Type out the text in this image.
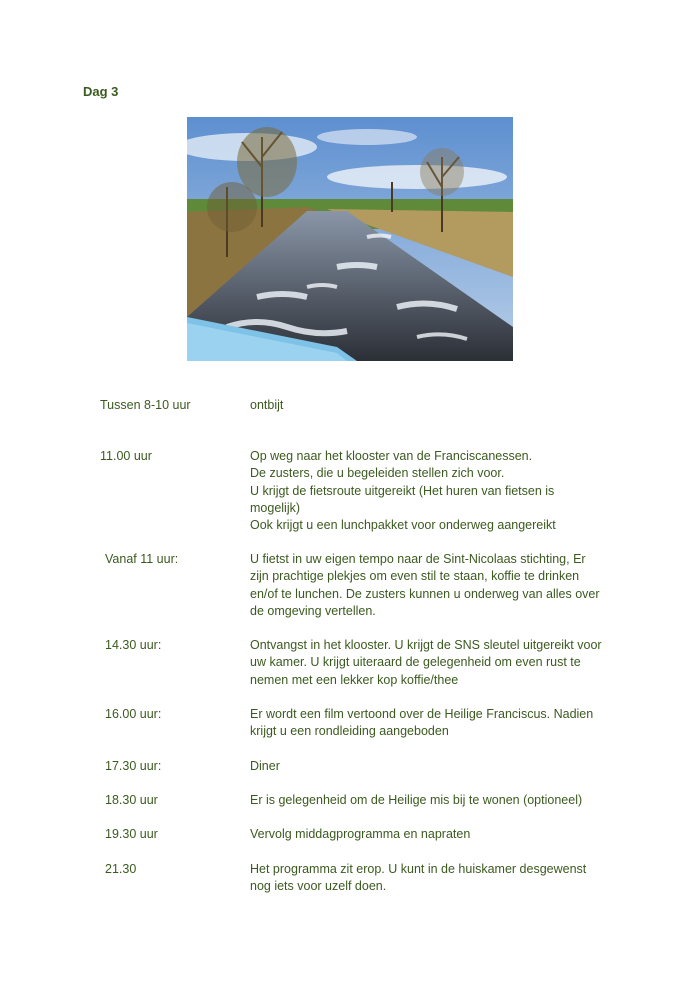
Dag 3
Tussen 8-10 uur	ontbijt
11.00 uur	Op weg naar het klooster van de Franciscanessen.
De zusters, die u begeleiden stellen zich voor.
U krijgt de fietsroute uitgereikt (Het huren van fietsen is
mogelijk)
Ook krijgt u een lunchpakket voor onderweg aangereikt
Vanaf 11 uur:	U fietst in uw eigen tempo naar de Sint-Nicolaas stichting, Er
zijn prachtige plekjes om even stil te staan, koffie te drinken
en/of te lunchen. De zusters kunnen u onderweg van alles over
de omgeving vertellen.
14.30 uur:	Ontvangst in het klooster. U krijgt de SNS sleutel uitgereikt voor
uw kamer. U krijgt uiteraard de gelegenheid om even rust te
nemen met een lekker kop koffie/thee
16.00 uur:	Er wordt een film vertoond over de Heilige Franciscus. Nadien
krijgt u een rondleiding aangeboden
17.30 uur:	Diner
18.30 uur	Er is gelegenheid om de Heilige mis bij te wonen (optioneel)
19.30 uur	Vervolg middagprogramma en napraten
21.30	Het programma zit erop. U kunt in de huiskamer desgewenst
nog iets voor uzelf doen.
